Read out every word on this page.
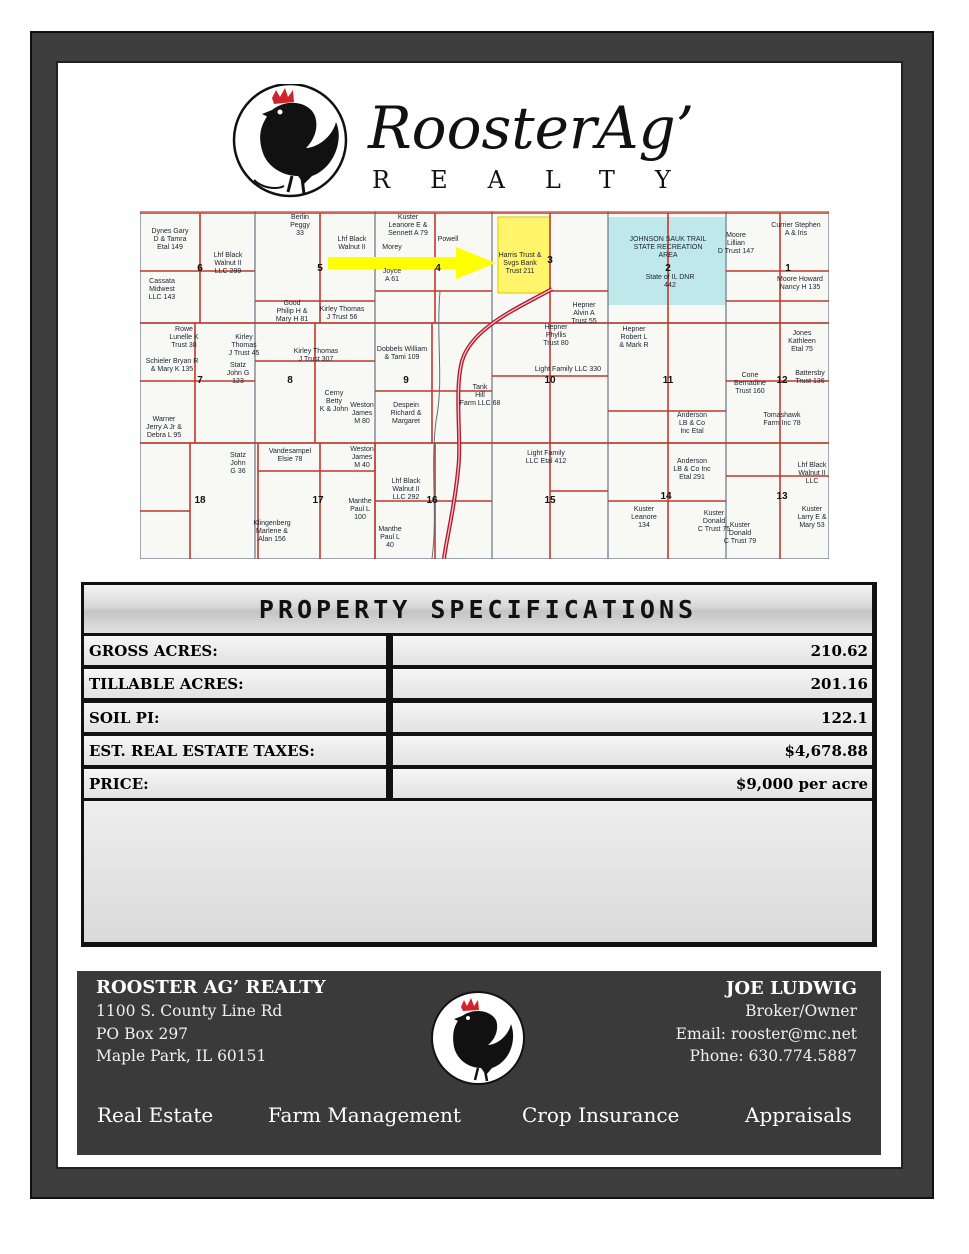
RoosterAg’
REALTY
Dynes Gary D & Tamra Etal 149
Lhf Black Walnut II LLC 299
Cassata Midwest LLC 143
Berlin Peggy 33
Kuster Leanore E & Sennett A 79
Lhf Black Walnut II Morey
Powell
Joyce A 61
Harris Trust & Svgs Bank Trust 211
JOHNSON SAUK TRAIL STATE RECREATION AREA
State of IL DNR 442
Moore Lillian D Trust 147
Currier Stephen A & Iris
Moore Howard Nancy H 135
Good Philip H & Mary H 81
Kirley Thomas J Trust 56
Rowe Lunelle K Trust 38
Kirley Thomas J Trust 45
Dobbels William & Tami 109
Hepner Phyllis Trust 80
Hepner Alvin A Trust 55
Hepner Robert L & Mark R
Jones Kathleen Etal 75
Schieler Bryan R & Mary K 135
Kirley Thomas J Trust 307
Statz John G 123
Cerny Betty K & John
Weston James M 80
Despein Richard & Margaret
Light Family LLC 330
Cone Bernadine Trust 160
Battersby Trust 136
Warner Jerry A Jr & Debra L 95
Tank Hill Farm LLC 68
Anderson LB & Co Inc Etal
Tomashawk Farm Inc 78
Vandesampel Elsie 78
Statz John G 36
Weston James M 40
Light Family LLC Etal 412	Anderson LB & Co Inc Etal 291
Lhf Black Walnut II LLC
Lhf Black Walnut II LLC 292
Manthe Paul L 100
Klingenberg Marlene & Alan 156
Manthe Paul L 40
Kuster Leanore 134
Kuster Donald C Trust 75
Kuster Donald C Trust 79
Kuster Larry E & Mary 53
6	5	4
3
2	1
7	8	9	10	11	12
18	17	16	15	14	13
PROPERTY SPECIFICATIONS
GROSS ACRES:	210.62
TILLABLE ACRES:	201.16
SOIL PI:	122.1
EST. REAL ESTATE TAXES:	$4,678.88
PRICE:	$9,000 per acre
ROOSTER AG’ REALTY
1100 S. County Line Rd
PO Box 297
Maple Park, IL 60151
JOE LUDWIG
Broker/Owner
Email: rooster@mc.net
Phone: 630.774.5887
Real Estate	Farm Management	Crop Insurance	Appraisals
